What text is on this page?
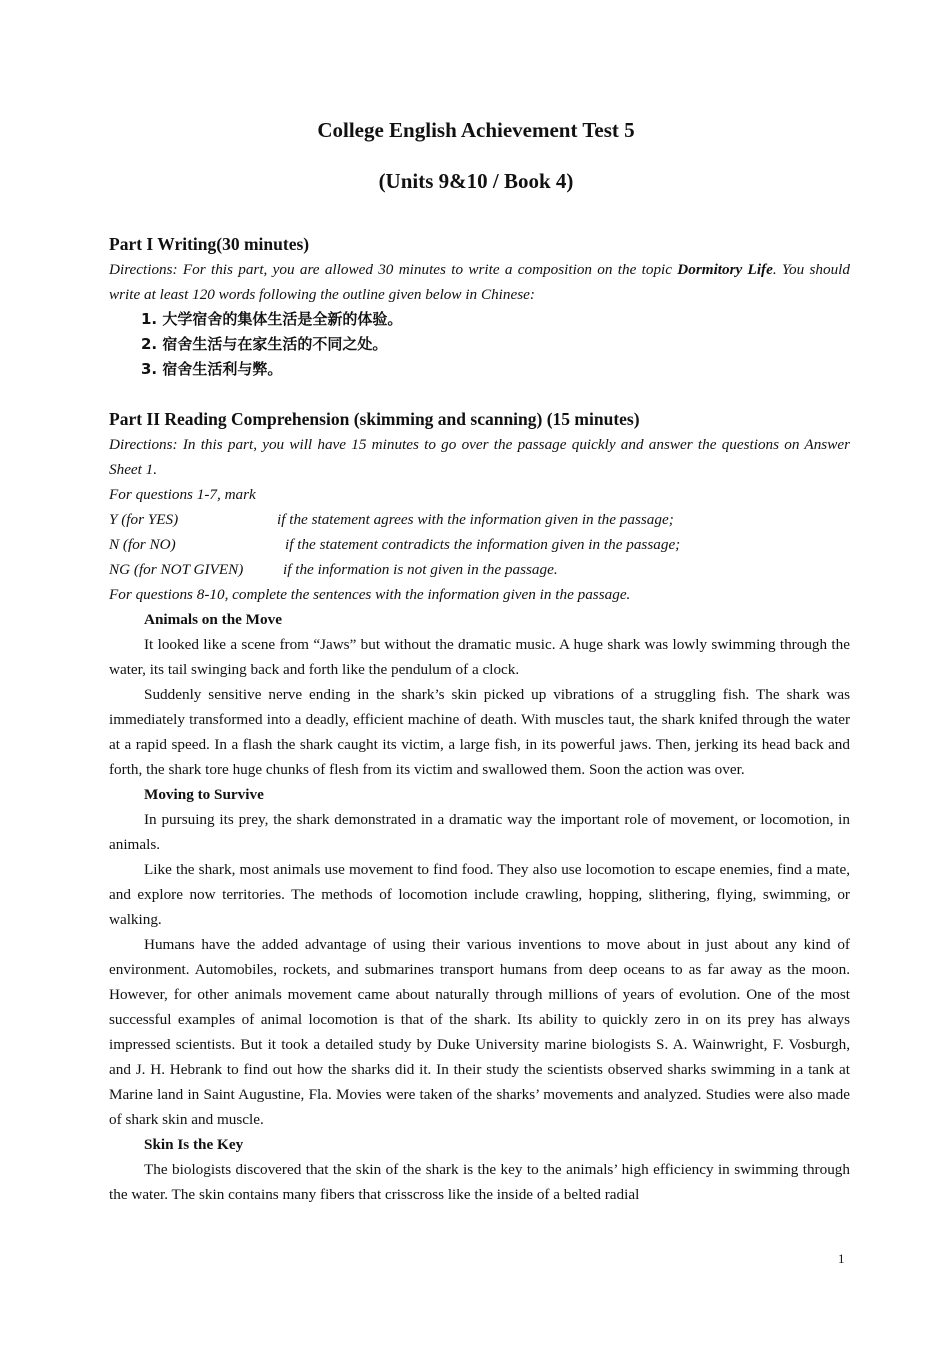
College English Achievement Test 5
(Units 9&10 / Book 4)

Part I Writing(30 minutes)

Directions: For this part, you are allowed 30 minutes to write a composition on the topic Dormitory Life. You should write at least 120 words following the outline given below in Chinese:

1. 大学宿舍的集体生活是全新的体验。
2. 宿舍生活与在家生活的不同之处。
3. 宿舍生活利与弊。

Part II Reading Comprehension (skimming and scanning) (15 minutes)

Directions: In this part, you will have 15 minutes to go over the passage quickly and answer the questions on Answer Sheet 1.

For questions 1-7, mark

Y (for YES)	if the statement agrees with the information given in the passage;

N (for NO)	if the statement contradicts the information given in the passage;

NG (for NOT GIVEN)	if the information is not given in the passage.

For questions 8-10, complete the sentences with the information given in the passage.

Animals on the Move

It looked like a scene from “Jaws” but without the dramatic music. A huge shark was lowly swimming through the water, its tail swinging back and forth like the pendulum of a clock.

Suddenly sensitive nerve ending in the shark’s skin picked up vibrations of a struggling fish. The shark was immediately transformed into a deadly, efficient machine of death. With muscles taut, the shark knifed through the water at a rapid speed. In a flash the shark caught its victim, a large fish, in its powerful jaws. Then, jerking its head back and forth, the shark tore huge chunks of flesh from its victim and swallowed them. Soon the action was over.

Moving to Survive

In pursuing its prey, the shark demonstrated in a dramatic way the important role of movement, or locomotion, in animals.

Like the shark, most animals use movement to find food. They also use locomotion to escape enemies, find a mate, and explore now territories. The methods of locomotion include crawling, hopping, slithering, flying, swimming, or walking.

Humans have the added advantage of using their various inventions to move about in just about any kind of environment. Automobiles, rockets, and submarines transport humans from deep oceans to as far away as the moon. However, for other animals movement came about naturally through millions of years of evolution. One of the most successful examples of animal locomotion is that of the shark. Its ability to quickly zero in on its prey has always impressed scientists. But it took a detailed study by Duke University marine biologists S. A. Wainwright, F. Vosburgh, and J. H. Hebrank to find out how the sharks did it. In their study the scientists observed sharks swimming in a tank at Marine land in Saint Augustine, Fla. Movies were taken of the sharks’ movements and analyzed. Studies were also made of shark skin and muscle.

Skin Is the Key

The biologists discovered that the skin of the shark is the key to the animals’ high efficiency in swimming through the water. The skin contains many fibers that crisscross like the inside of a belted radial

1
